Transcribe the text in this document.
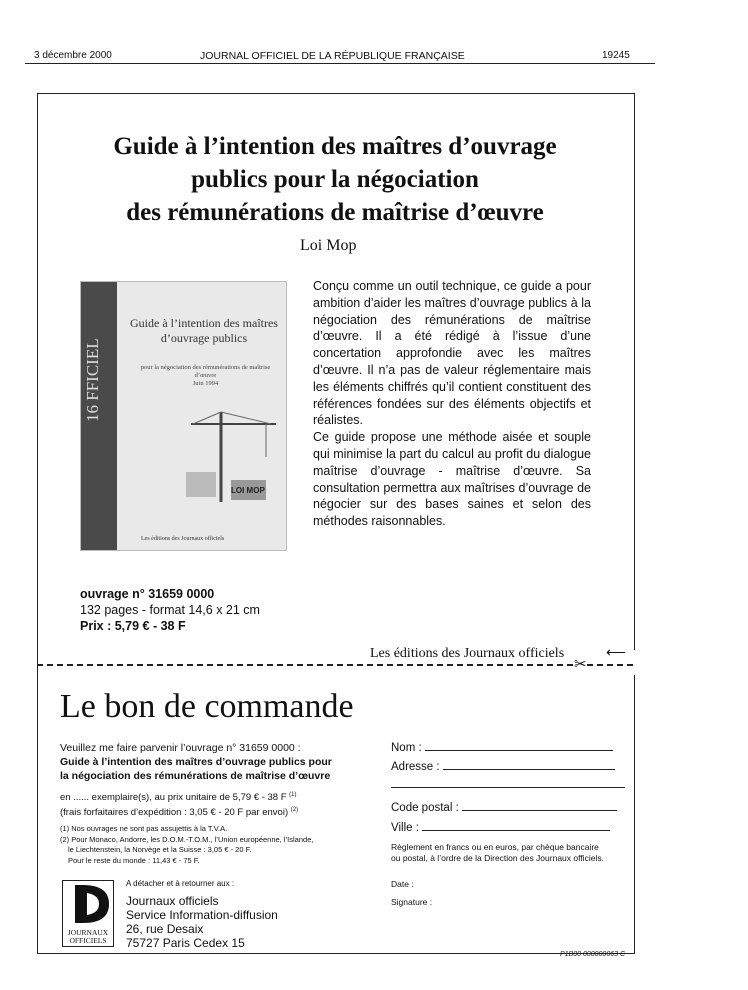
3 décembre 2000	JOURNAL OFFICIEL DE LA RÉPUBLIQUE FRANÇAISE	19245
Guide à l’intention des maîtres d’ouvrage
publics pour la négociation
des rémunérations de maîtrise d’œuvre
Loi Mop
16 FFICIEL
Guide à l’intention des maîtres d’ouvrage publics
pour la négociation des rémunérations de maîtrise d’œuvre
Juin 1994
LOI MOP
Les éditions des Journaux officiels

Conçu comme un outil technique, ce guide a pour ambition d’aider les maîtres d’ouvrage publics à la négociation des rémunérations de maîtrise d’œuvre. Il a été rédigé à l’issue d’une concertation approfondie avec les maîtres d’œuvre. Il n’a pas de valeur réglementaire mais les éléments chiffrés qu’il contient constituent des références fondées sur des éléments objectifs et réalistes.

Ce guide propose une méthode aisée et souple qui minimise la part du calcul au profit du dialogue maîtrise d’ouvrage - maîtrise d’œuvre. Sa consultation permettra aux maîtrises d’ouvrage de négocier sur des bases saines et selon des méthodes raisonnables.

ouvrage n° 31659 0000
132 pages - format 14,6 x 21 cm
Prix : 5,79 € - 38 F
Les éditions des Journaux officiels	⟵
✂
Le bon de commande
Veuillez me faire parvenir l’ouvrage n° 31659 0000 :
Guide à l’intention des maîtres d’ouvrage publics pour
la négociation des rémunérations de maîtrise d’œuvre
en ...... exemplaire(s), au prix unitaire de 5,79 € - 38 F $^{(1)}$
(frais forfaitaires d’expédition : 3,05 € - 20 F par envoi) $^{(2)}$
(1) Nos ouvrages ne sont pas assujettis à la T.V.A.
(2) Pour Monaco, Andorre, les D.O.M.-T.O.M., l’Union européenne, l’Islande,
le Liechtenstein, la Norvège et la Suisse : 3,05 € - 20 F.
Pour le reste du monde : 11,43 € - 75 F.
Nom :
Adresse :
Code postal :
Ville :
Règlement en francs ou en euros, par chèque bancaire
ou postal, à l’ordre de la Direction des Journaux officiels.
Date :
Signature :
JOURNAUX
OFFICIELS
A détacher et à retourner aux :
Journaux officiels
Service Information-diffusion
26, rue Desaix
75727 Paris Cedex 15
P1B00 000000063 C
